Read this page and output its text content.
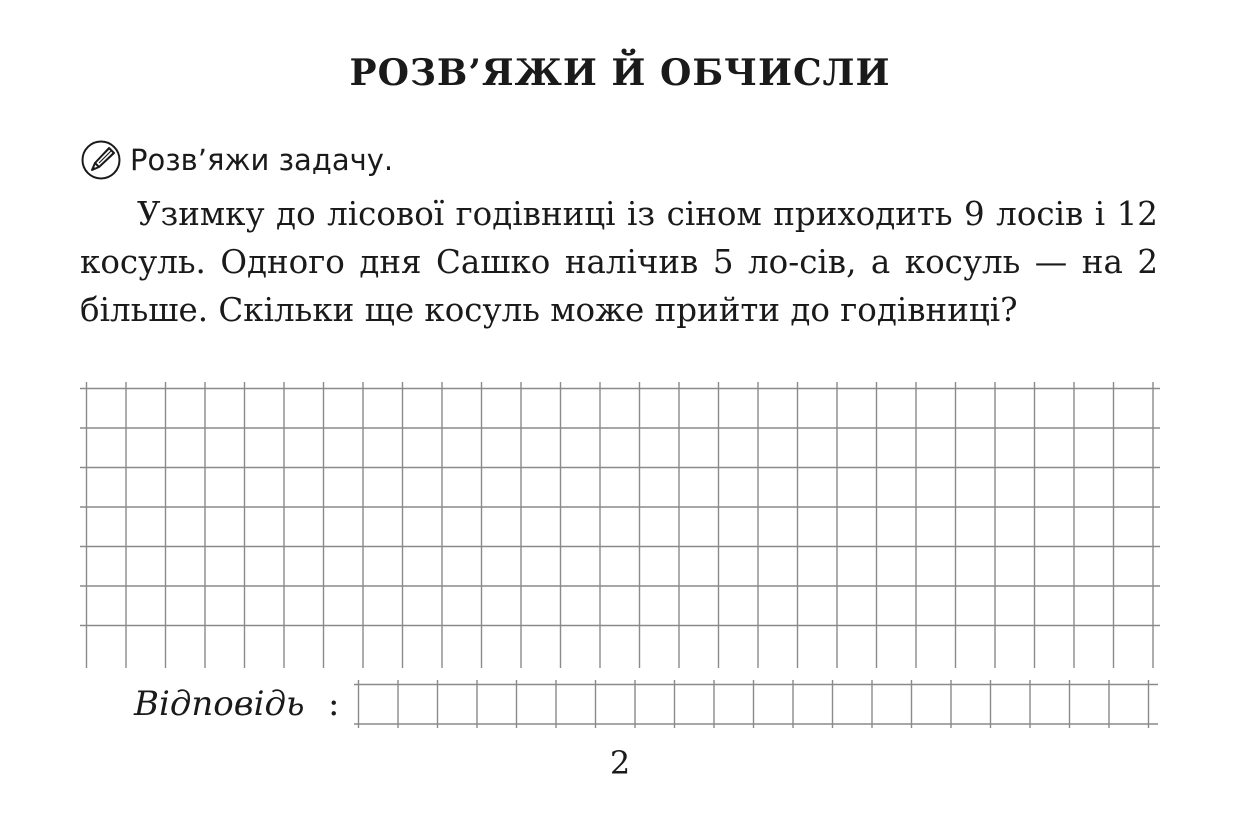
РОЗВ’ЯЖИ Й ОБЧИСЛИ
Розв’яжи задачу.

Узимку до лісової годівниці із сіном приходить 9 лосів і 12 косуль. Одного дня Сашко налічив 5 ло-сів, а косуль — на 2 більше. Скільки ще косуль може прийти до годівниці?

Відповідь :
2
